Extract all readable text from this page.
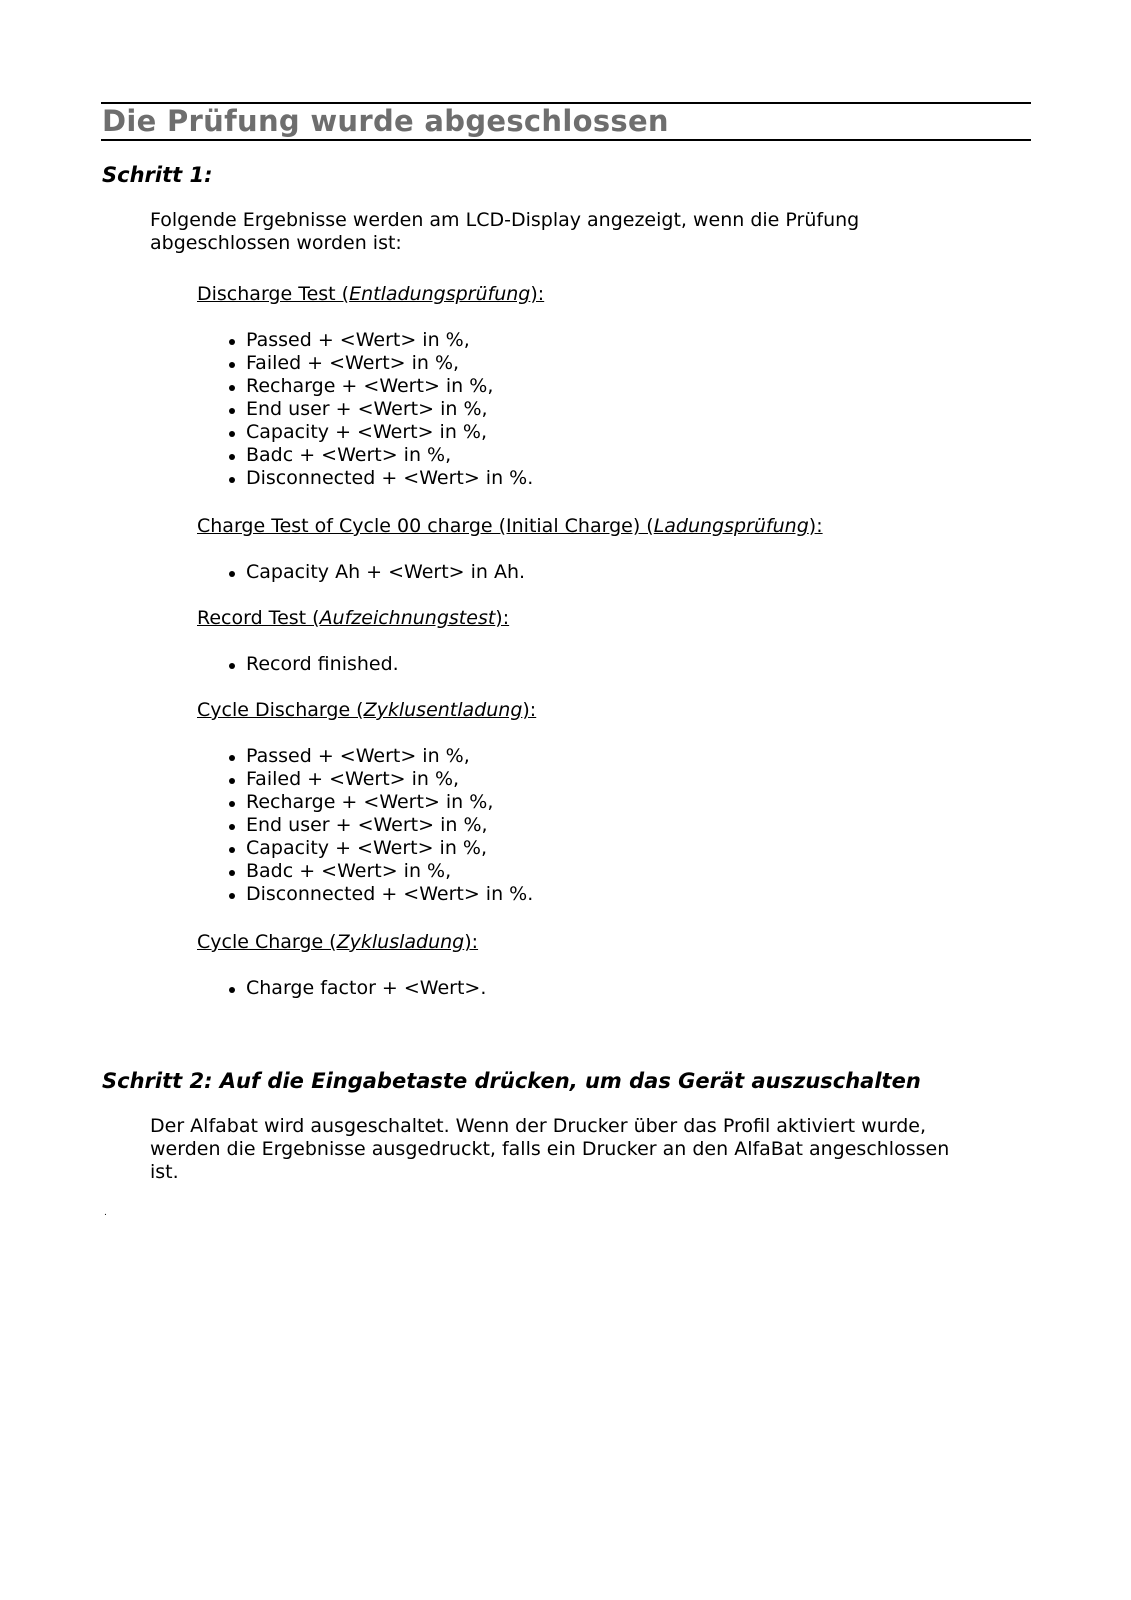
Die Prüfung wurde abgeschlossen
Schritt 1:

Folgende Ergebnisse werden am LCD-Display angezeigt, wenn die Prüfung abgeschlossen worden ist:

Discharge Test (Entladungsprüfung):

Passed + <Wert> in %,
Failed + <Wert> in %,
Recharge + <Wert> in %,
End user + <Wert> in %,
Capacity + <Wert> in %,
Badc + <Wert> in %,
Disconnected + <Wert> in %.

Charge Test of Cycle 00 charge (Initial Charge) (Ladungsprüfung):

Capacity Ah + <Wert> in Ah.

Record Test (Aufzeichnungstest):

Record finished.

Cycle Discharge (Zyklusentladung):

Passed + <Wert> in %,
Failed + <Wert> in %,
Recharge + <Wert> in %,
End user + <Wert> in %,
Capacity + <Wert> in %,
Badc + <Wert> in %,
Disconnected + <Wert> in %.

Cycle Charge (Zyklusladung):

Charge factor + <Wert>.
Schritt 2: Auf die Eingabetaste drücken, um das Gerät auszuschalten

Der Alfabat wird ausgeschaltet. Wenn der Drucker über das Profil aktiviert wurde,
werden die Ergebnisse ausgedruckt, falls ein Drucker an den AlfaBat angeschlossen
ist.

.
